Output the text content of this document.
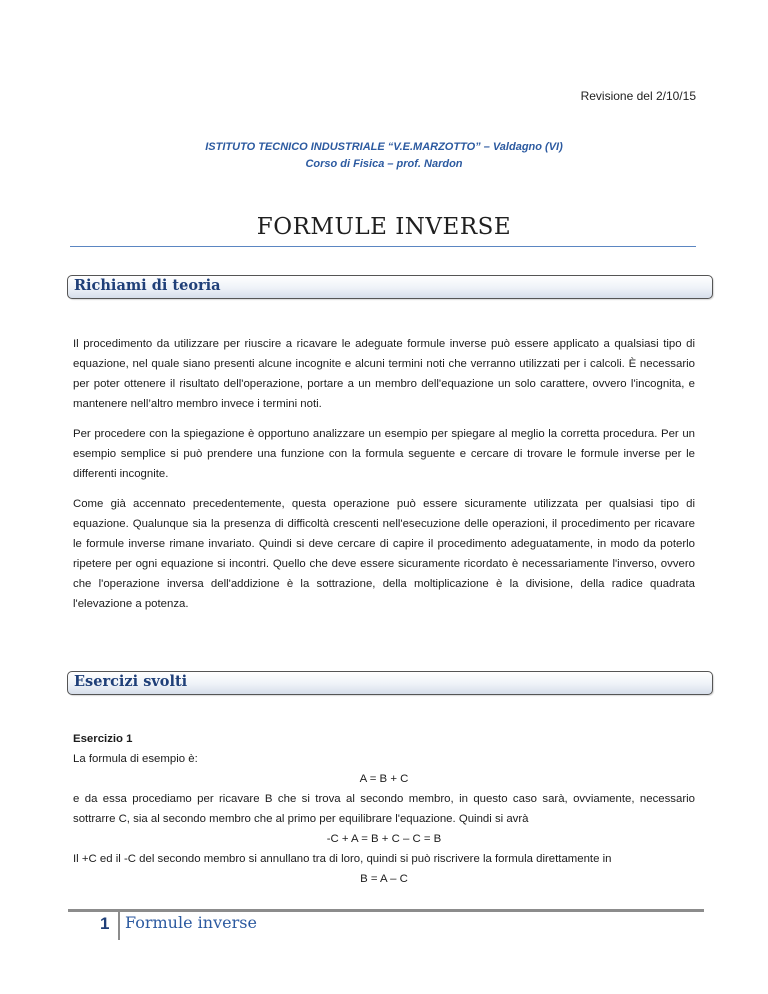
Revisione del 2/10/15
ISTITUTO TECNICO INDUSTRIALE “V.E.MARZOTTO” – Valdagno (VI)
Corso di Fisica – prof. Nardon
FORMULE INVERSE
Richiami di teoria

Il procedimento da utilizzare per riuscire a ricavare le adeguate formule inverse può essere applicato a qualsiasi tipo di equazione, nel quale siano presenti alcune incognite e alcuni termini noti che verranno utilizzati per i calcoli. È necessario per poter ottenere il risultato dell'operazione, portare a un membro dell'equazione un solo carattere, ovvero l'incognita, e mantenere nell’altro membro invece i termini noti.

Per procedere con la spiegazione è opportuno analizzare un esempio per spiegare al meglio la corretta procedura. Per un esempio semplice si può prendere una funzione con la formula seguente e cercare di trovare le formule inverse per le differenti incognite.

Come già accennato precedentemente, questa operazione può essere sicuramente utilizzata per qualsiasi tipo di equazione. Qualunque sia la presenza di difficoltà crescenti nell'esecuzione delle operazioni, il procedimento per ricavare le formule inverse rimane invariato. Quindi si deve cercare di capire il procedimento adeguatamente, in modo da poterlo ripetere per ogni equazione si incontri. Quello che deve essere sicuramente ricordato è necessariamente l'inverso, ovvero che l'operazione inversa dell'addizione è la sottrazione, della moltiplicazione è la divisione, della radice quadrata l'elevazione a potenza.

Esercizi svolti
Esercizio 1
La formula di esempio è:
A = B + C
e da essa procediamo per ricavare B che si trova al secondo membro, in questo caso sarà, ovviamente, necessario sottrarre C, sia al secondo membro che al primo per equilibrare l'equazione. Quindi si avrà
-C + A = B + C – C = B
Il +C ed il -C del secondo membro si annullano tra di loro, quindi si può riscrivere la formula direttamente in
B = A – C
1 Formule inverse
